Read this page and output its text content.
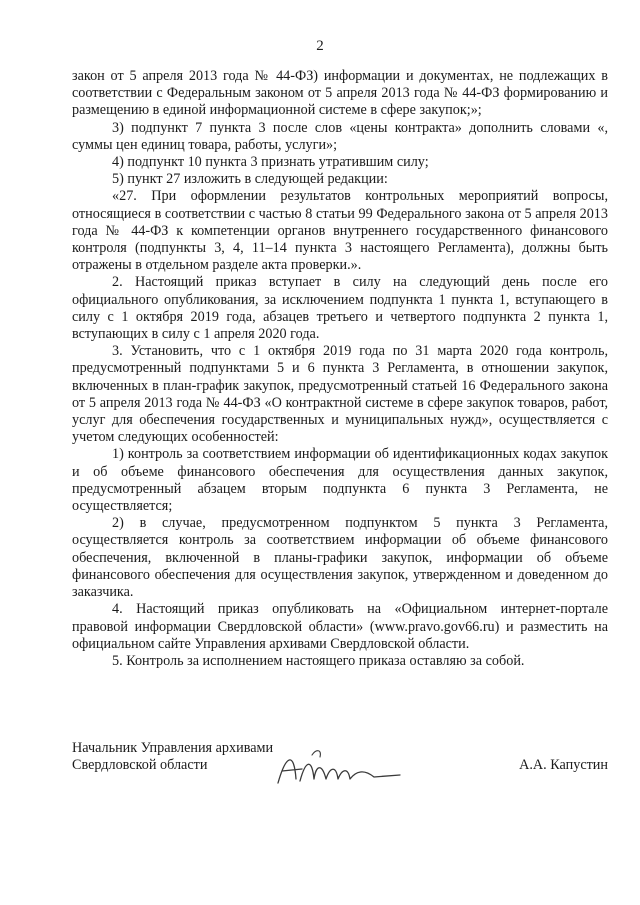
2

закон от 5 апреля 2013 года № 44-ФЗ) информации и документах, не подлежащих в соответствии с Федеральным законом от 5 апреля 2013 года № 44-ФЗ формированию и размещению в единой информационной системе в сфере закупок;»;

3) подпункт 7 пункта 3 после слов «цены контракта» дополнить словами «, суммы цен единиц товара, работы, услуги»;

4) подпункт 10 пункта 3 признать утратившим силу;

5) пункт 27 изложить в следующей редакции:

«27. При оформлении результатов контрольных мероприятий вопросы, относящиеся в соответствии с частью 8 статьи 99 Федерального закона от 5 апреля 2013 года № 44-ФЗ к компетенции органов внутреннего государственного финансового контроля (подпункты 3, 4, 11–14 пункта 3 настоящего Регламента), должны быть отражены в отдельном разделе акта проверки.».

2. Настоящий приказ вступает в силу на следующий день после его официального опубликования, за исключением подпункта 1 пункта 1, вступающего в силу с 1 октября 2019 года, абзацев третьего и четвертого подпункта 2 пункта 1, вступающих в силу с 1 апреля 2020 года.

3. Установить, что с 1 октября 2019 года по 31 марта 2020 года контроль, предусмотренный подпунктами 5 и 6 пункта 3 Регламента, в отношении закупок, включенных в план-график закупок, предусмотренный статьей 16 Федерального закона от 5 апреля 2013 года № 44-ФЗ «О контрактной системе в сфере закупок товаров, работ, услуг для обеспечения государственных и муниципальных нужд», осуществляется с учетом следующих особенностей:

1) контроль за соответствием информации об идентификационных кодах закупок и об объеме финансового обеспечения для осуществления данных закупок, предусмотренный абзацем вторым подпункта 6 пункта 3 Регламента, не осуществляется;

2) в случае, предусмотренном подпунктом 5 пункта 3 Регламента, осуществляется контроль за соответствием информации об объеме финансового обеспечения, включенной в планы-графики закупок, информации об объеме финансового обеспечения для осуществления закупок, утвержденном и доведенном до заказчика.

4. Настоящий приказ опубликовать на «Официальном интернет-портале правовой информации Свердловской области» (www.pravo.gov66.ru) и разместить на официальном сайте Управления архивами Свердловской области.

5. Контроль за исполнением настоящего приказа оставляю за собой.

Начальник Управления архивами

Свердловской области	А.А. Капустин
